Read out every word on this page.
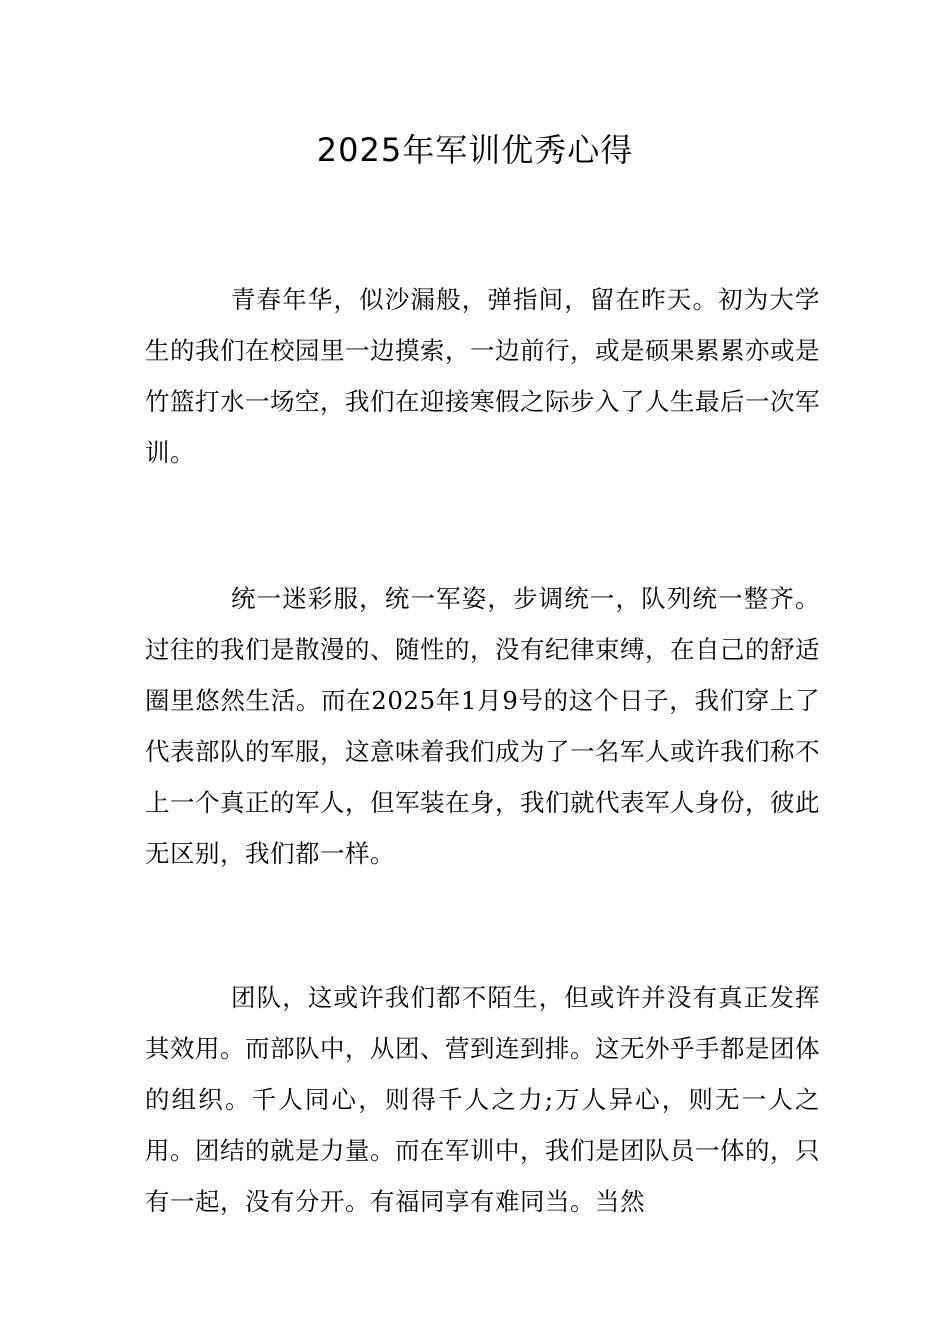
2025年军训优秀心得

青春年华，似沙漏般，弹指间，留在昨天。初为大学生的我们在校园里一边摸索，一边前行，或是硕果累累亦或是竹篮打水一场空，我们在迎接寒假之际步入了人生最后一次军训。

统一迷彩服，统一军姿，步调统一，队列统一整齐。过往的我们是散漫的、随性的，没有纪律束缚，在自己的舒适圈里悠然生活。而在2025年1月9号的这个日子，我们穿上了代表部队的军服，这意味着我们成为了一名军人或许我们称不上一个真正的军人，但军装在身，我们就代表军人身份，彼此无区别，我们都一样。

团队，这或许我们都不陌生，但或许并没有真正发挥其效用。而部队中，从团、营到连到排。这无外乎手都是团体的组织。千人同心，则得千人之力;万人异心，则无一人之用。团结的就是力量。而在军训中，我们是团队员一体的，只有一起，没有分开。有福同享有难同当。当然
